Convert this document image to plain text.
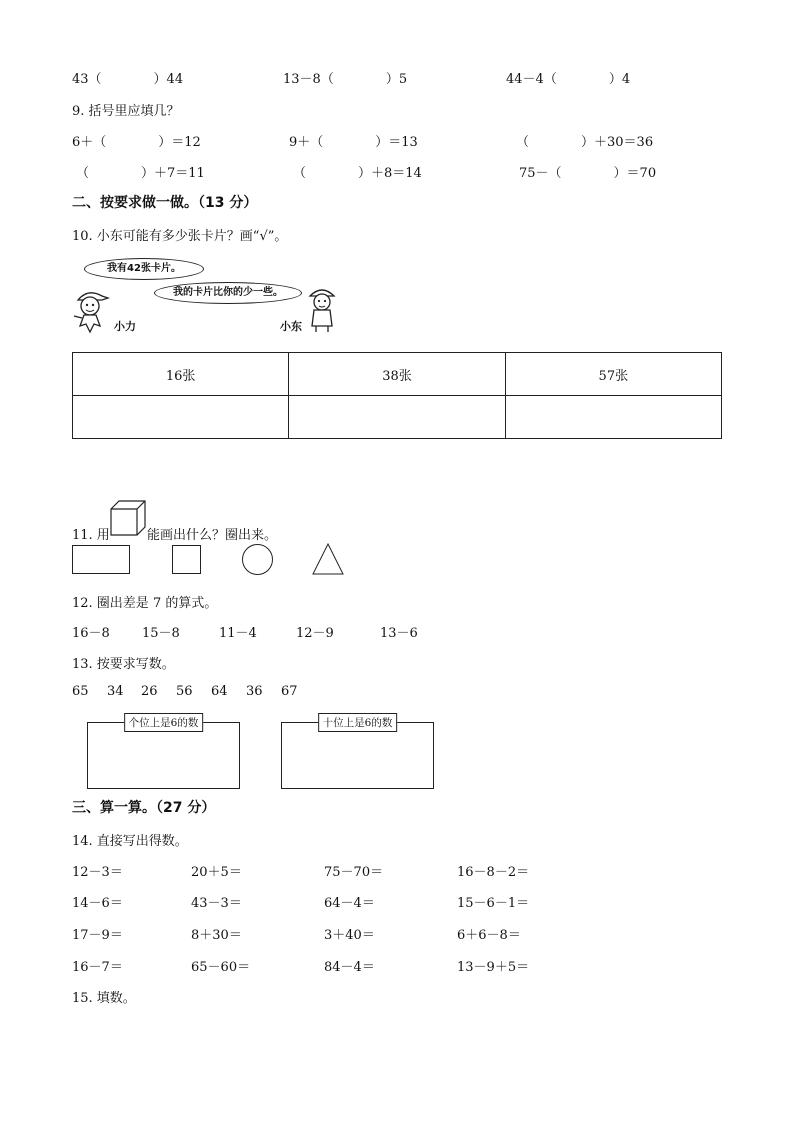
43（　　　　）44	13－8（　　　　）5	44－4（　　　　）4
9. 括号里应填几？
6＋（　　　　）＝12	9＋（　　　　）＝13	（　　　　）＋30＝36
（　　　　）＋7＝11	（　　　　）＋8＝14	75－（　　　　）＝70
二、按要求做一做。（13 分）
10. 小东可能有多少张卡片？画“√”。
我有42张卡片。
我的卡片比你的少一些。
小力	小东
16张	38张	57张

11. 用	能画出什么？圈出来。
12. 圈出差是 7 的算式。
16－8 15－8	11－4	12－9	13－6
13. 按要求写数。
65 34 26 56 64 36 67
个位上是6的数	十位上是6的数
三、算一算。（27 分）
14. 直接写出得数。
12－3＝	20＋5＝	75－70＝	16－8－2＝
14－6＝	43－3＝	64－4＝	15－6－1＝
17－9＝	8＋30＝	3＋40＝	6＋6－8＝
16－7＝	65－60＝	84－4＝	13－9＋5＝
15. 填数。
